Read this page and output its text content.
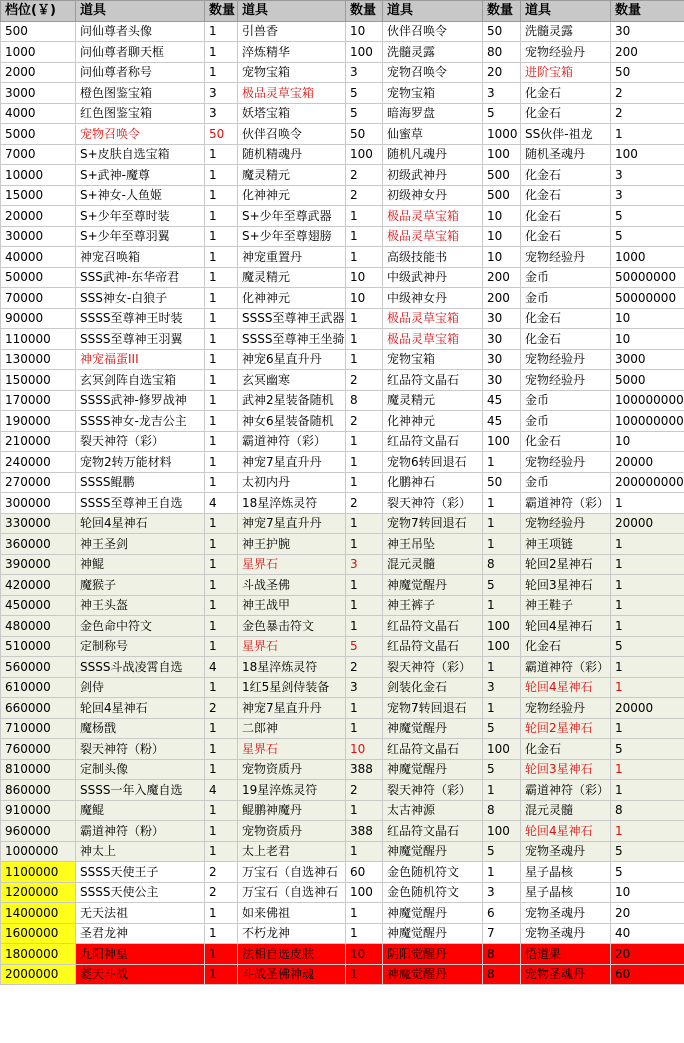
档位(￥)	道具	数量	道具	数量	道具	数量	道具	数量
500	问仙尊者头像	1	引兽香	10	伙伴召唤令	50	洗髓灵露	30
1000	问仙尊者聊天框	1	淬炼精华	100	洗髓灵露	80	宠物经验丹	200
2000	问仙尊者称号	1	宠物宝箱	3	宠物召唤令	20	进阶宝箱	50
3000	橙色图鉴宝箱	3	极品灵草宝箱	5	宠物宝箱	3	化金石	2
4000	红色图鉴宝箱	3	妖塔宝箱	5	暗海罗盘	5	化金石	2
5000	宠物召唤令	50	伙伴召唤令	50	仙蜜草	1000	SS伙伴-祖龙	1
7000	S+皮肤自选宝箱	1	随机精魂丹	100	随机凡魂丹	100	随机圣魂丹	100
10000	S+武神-魔尊	1	魔灵精元	2	初级武神丹	500	化金石	3
15000	S+神女-人鱼姬	1	化神神元	2	初级神女丹	500	化金石	3
20000	S+少年至尊时装	1	S+少年至尊武器	1	极品灵草宝箱	10	化金石	5
30000	S+少年至尊羽翼	1	S+少年至尊翅膀	1	极品灵草宝箱	10	化金石	5
40000	神宠召唤箱	1	神宠重置丹	1	高级技能书	10	宠物经验丹	1000
50000	SSS武神-东华帝君	1	魔灵精元	10	中级武神丹	200	金币	50000000
70000	SSS神女-白狼子	1	化神神元	10	中级神女丹	200	金币	50000000
90000	SSSS至尊神王时装	1	SSSS至尊神王武器	1	极品灵草宝箱	30	化金石	10
110000	SSSS至尊神王羽翼	1	SSSS至尊神王坐骑	1	极品灵草宝箱	30	化金石	10
130000	神宠福蛋III	1	神宠6星直升丹	1	宠物宝箱	30	宠物经验丹	3000
150000	玄冥剑阵自选宝箱	1	玄冥幽寒	2	红品符文晶石	30	宠物经验丹	5000
170000	SSSS武神-修罗战神	1	武神2星装备随机	8	魔灵精元	45	金币	100000000
190000	SSSS神女-龙吉公主	1	神女6星装备随机	2	化神神元	45	金币	100000000
210000	裂天神符（彩）	1	霸道神符（彩）	1	红品符文晶石	100	化金石	10
240000	宠物2转万能材料	1	神宠7星直升丹	1	宠物6转回退石	1	宠物经验丹	20000
270000	SSSS鲲鹏	1	太初内丹	1	化鹏神石	50	金币	200000000
300000	SSSS至尊神王自选	4	18星淬炼灵符	2	裂天神符（彩）	1	霸道神符（彩）	1
330000	轮回4星神石	1	神宠7星直升丹	1	宠物7转回退石	1	宠物经验丹	20000
360000	神王圣剑	1	神王护腕	1	神王吊坠	1	神王项链	1
390000	神鲲	1	星界石	3	混元灵髓	8	轮回2星神石	1
420000	魔猴子	1	斗战圣佛	1	神魔觉醒丹	5	轮回3星神石	1
450000	神王头盔	1	神王战甲	1	神王裤子	1	神王鞋子	1
480000	金色命中符文	1	金色暴击符文	1	红品符文晶石	100	轮回4星神石	1
510000	定制称号	1	星界石	5	红品符文晶石	100	化金石	5
560000	SSSS斗战凌霄自选	4	18星淬炼灵符	2	裂天神符（彩）	1	霸道神符（彩）	1
610000	剑侍	1	1红5星剑侍装备	3	剑装化金石	3	轮回4星神石	1
660000	轮回4星神石	2	神宠7星直升丹	1	宠物7转回退石	1	宠物经验丹	20000
710000	魔杨戬	1	二郎神	1	神魔觉醒丹	5	轮回2星神石	1
760000	裂天神符（粉）	1	星界石	10	红品符文晶石	100	化金石	5
810000	定制头像	1	宠物资质丹	388	神魔觉醒丹	5	轮回3星神石	1
860000	SSSS一年入魔自选	4	19星淬炼灵符	2	裂天神符（彩）	1	霸道神符（彩）	1
910000	魔鲲	1	鲲鹏神魔丹	1	太古神源	8	混元灵髓	8
960000	霸道神符（粉）	1	宠物资质丹	388	红品符文晶石	100	轮回4星神石	1
1000000	神太上	1	太上老君	1	神魔觉醒丹	5	宠物圣魂丹	5
1100000	SSSS天使王子	2	万宝石（自选神石	60	金色随机符文	1	星子晶核	5
1200000	SSSS天使公主	2	万宝石（自选神石	100	金色随机符文	3	星子晶核	10
1400000	无天法祖	1	如来佛祖	1	神魔觉醒丹	6	宠物圣魂丹	20
1600000	圣君龙神	1	不朽龙神	1	神魔觉醒丹	7	宠物圣魂丹	40
1800000	九阳神皇	1	法相自选皮肤	10	阴阳觉醒丹	8	悟道果	20
2000000	菱天斗战	1	斗战圣佛神魂	1	神魔觉醒丹	8	宠物圣魂丹	60
